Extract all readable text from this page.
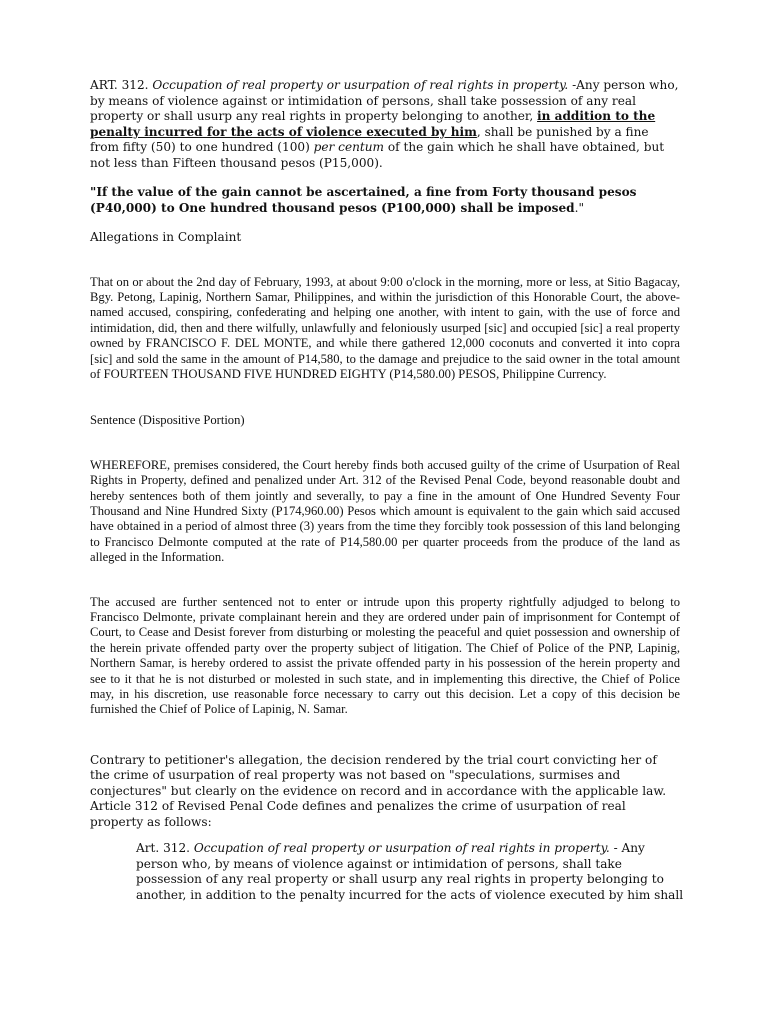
ART. 312. Occupation of real property or usurpation of real rights in property. -Any person who, by means of violence against or intimidation of persons, shall take possession of any real property or shall usurp any real rights in property belonging to another, in addition to the penalty incurred for the acts of violence executed by him, shall be punished by a fine from fifty (50) to one hundred (100) per centum of the gain which he shall have obtained, but not less than Fifteen thousand pesos (P15,000).

"If the value of the gain cannot be ascertained, a fine from Forty thousand pesos (P40,000) to One hundred thousand pesos (P100,000) shall be imposed."

Allegations in Complaint

That on or about the 2nd day of February, 1993, at about 9:00 o'clock in the morning, more or less, at Sitio Bagacay, Bgy. Petong, Lapinig, Northern Samar, Philippines, and within the jurisdiction of this Honorable Court, the above-named accused, conspiring, confederating and helping one another, with intent to gain, with the use of force and intimidation, did, then and there wilfully, unlawfully and feloniously usurped [sic] and occupied [sic] a real property owned by FRANCISCO F. DEL MONTE, and while there gathered 12,000 coconuts and converted it into copra [sic] and sold the same in the amount of P14,580, to the damage and prejudice to the said owner in the total amount of FOURTEEN THOUSAND FIVE HUNDRED EIGHTY (P14,580.00) PESOS, Philippine Currency.

Sentence (Dispositive Portion)

WHEREFORE, premises considered, the Court hereby finds both accused guilty of the crime of Usurpation of Real Rights in Property, defined and penalized under Art. 312 of the Revised Penal Code, beyond reasonable doubt and hereby sentences both of them jointly and severally, to pay a fine in the amount of One Hundred Seventy Four Thousand and Nine Hundred Sixty (P174,960.00) Pesos which amount is equivalent to the gain which said accused have obtained in a period of almost three (3) years from the time they forcibly took possession of this land belonging to Francisco Delmonte computed at the rate of P14,580.00 per quarter proceeds from the produce of the land as alleged in the Information.

The accused are further sentenced not to enter or intrude upon this property rightfully adjudged to belong to Francisco Delmonte, private complainant herein and they are ordered under pain of imprisonment for Contempt of Court, to Cease and Desist forever from disturbing or molesting the peaceful and quiet possession and ownership of the herein private offended party over the property subject of litigation. The Chief of Police of the PNP, Lapinig, Northern Samar, is hereby ordered to assist the private offended party in his possession of the herein property and see to it that he is not disturbed or molested in such state, and in implementing this directive, the Chief of Police may, in his discretion, use reasonable force necessary to carry out this decision. Let a copy of this decision be furnished the Chief of Police of Lapinig, N. Samar.

Contrary to petitioner's allegation, the decision rendered by the trial court convicting her of the crime of usurpation of real property was not based on "speculations, surmises and conjectures" but clearly on the evidence on record and in accordance with the applicable law. Article 312 of Revised Penal Code defines and penalizes the crime of usurpation of real property as follows:

Art. 312. Occupation of real property or usurpation of real rights in property. - Any person who, by means of violence against or intimidation of persons, shall take possession of any real property or shall usurp any real rights in property belonging to another, in addition to the penalty incurred for the acts of violence executed by him shall
